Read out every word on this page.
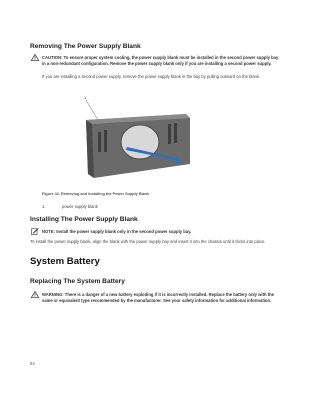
Removing The Power Supply Blank
CAUTION: To ensure proper system cooling, the power supply blank must be installed in the second power supply bay in a non-redundant configuration. Remove the power supply blank only if you are installing a second power supply.
If you are installing a second power supply, remove the power supply blank in the bay by pulling outward on the blank.
1
Figure 42. Removing and Installing the Power Supply Blank
1.	power supply blank
Installing The Power Supply Blank
NOTE: Install the power supply blank only in the second power supply bay.
To install the power supply blank, align the blank with the power supply bay and insert it into the chassis until it clicks into place.
System Battery
Replacing The System Battery
WARNING: There is a danger of a new battery exploding if it is incorrectly installed. Replace the battery only with the same or equivalent type recommended by the manufacturer. See your safety information for additional information.
84
